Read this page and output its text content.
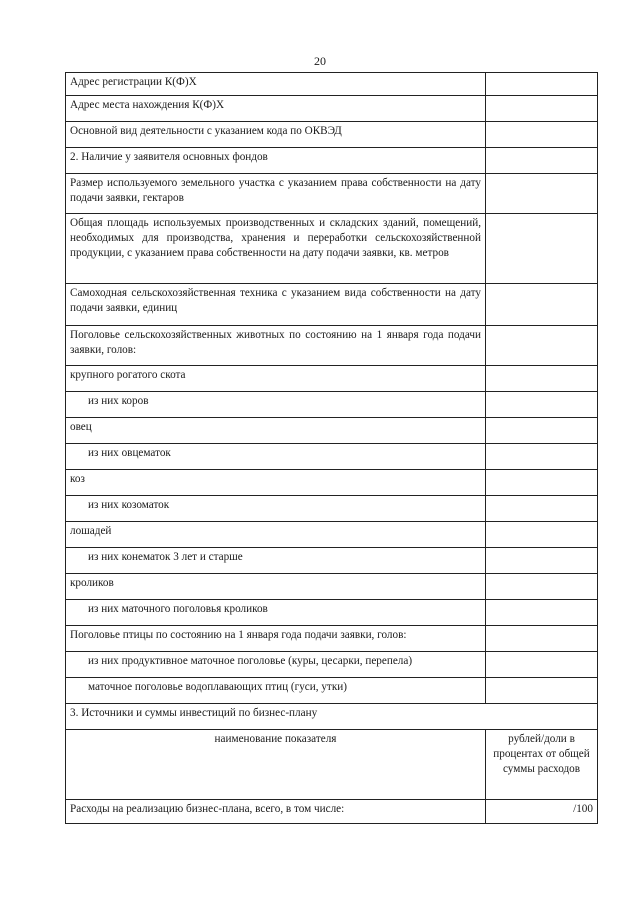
20
Адрес регистрации К(Ф)Х	
Адрес места нахождения К(Ф)Х	
Основной вид деятельности с указанием кода по ОКВЭД	
2. Наличие у заявителя основных фондов	
Размер используемого земельного участка с указанием права собственности на дату подачи заявки, гектаров	
Общая площадь используемых производственных и складских зданий, помещений, необходимых для производства, хранения и переработки сельскохозяйственной продукции, с указанием права собственности на дату подачи заявки, кв. метров	
Самоходная сельскохозяйственная техника с указанием вида собственности на дату подачи заявки, единиц	
Поголовье сельскохозяйственных животных по состоянию на 1 января года подачи заявки, голов:	
крупного рогатого скота	
из них коров	
овец	
из них овцематок	
коз	
из них козоматок	
лошадей	
из них конематок 3 лет и старше	
кроликов	
из них маточного поголовья кроликов	
Поголовье птицы по состоянию на 1 января года подачи заявки, голов:	
из них продуктивное маточное поголовье (куры, цесарки, перепела)	
маточное поголовье водоплавающих птиц (гуси, утки)	
3. Источники и суммы инвестиций по бизнес-плану	
наименование показателя	рублей/доли в процентах от общей суммы расходов
Расходы на реализацию бизнес-плана, всего, в том числе:	/100
